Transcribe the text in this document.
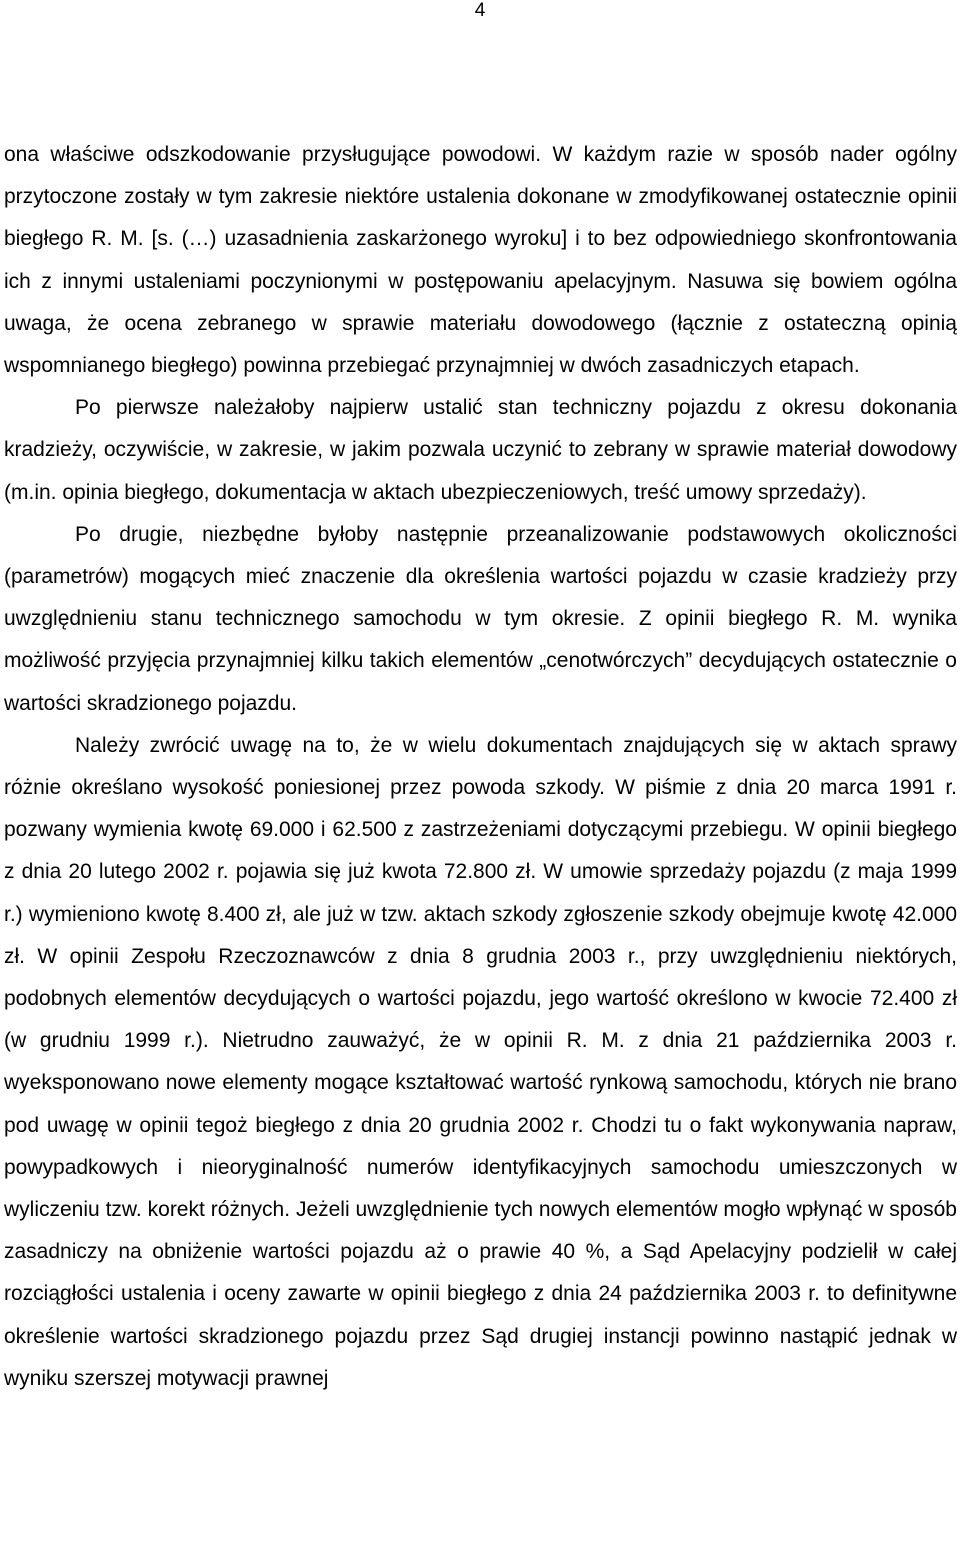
4

ona właściwe odszkodowanie przysługujące powodowi. W każdym razie w sposób nader ogólny przytoczone zostały w tym zakresie niektóre ustalenia dokonane w zmodyfikowanej ostatecznie opinii biegłego R. M. [s. (…) uzasadnienia zaskarżonego wyroku] i to bez odpowiedniego skonfrontowania ich z innymi ustaleniami poczynionymi w postępowaniu apelacyjnym. Nasuwa się bowiem ogólna uwaga, że ocena zebranego w sprawie materiału dowodowego (łącznie z ostateczną opinią wspomnianego biegłego) powinna przebiegać przynajmniej w dwóch zasadniczych etapach.

Po pierwsze należałoby najpierw ustalić stan techniczny pojazdu z okresu dokonania kradzieży, oczywiście, w zakresie, w jakim pozwala uczynić to zebrany w sprawie materiał dowodowy (m.in. opinia biegłego, dokumentacja w aktach ubezpieczeniowych, treść umowy sprzedaży).

Po drugie, niezbędne byłoby następnie przeanalizowanie podstawowych okoliczności (parametrów) mogących mieć znaczenie dla określenia wartości pojazdu w czasie kradzieży przy uwzględnieniu stanu technicznego samochodu w tym okresie. Z opinii biegłego R. M. wynika możliwość przyjęcia przynajmniej kilku takich elementów „cenotwórczych” decydujących ostatecznie o wartości skradzionego pojazdu.

Należy zwrócić uwagę na to, że w wielu dokumentach znajdujących się w aktach sprawy różnie określano wysokość poniesionej przez powoda szkody. W piśmie z dnia 20 marca 1991 r. pozwany wymienia kwotę 69.000 i 62.500 z zastrzeżeniami dotyczącymi przebiegu. W opinii biegłego z dnia 20 lutego 2002 r. pojawia się już kwota 72.800 zł. W umowie sprzedaży pojazdu (z maja 1999 r.) wymieniono kwotę 8.400 zł, ale już w tzw. aktach szkody zgłoszenie szkody obejmuje kwotę 42.000 zł. W opinii Zespołu Rzeczoznawców z dnia 8 grudnia 2003 r., przy uwzględnieniu niektórych, podobnych elementów decydujących o wartości pojazdu, jego wartość określono w kwocie 72.400 zł (w grudniu 1999 r.). Nietrudno zauważyć, że w opinii R. M. z dnia 21 października 2003 r. wyeksponowano nowe elementy mogące kształtować wartość rynkową samochodu, których nie brano pod uwagę w opinii tegoż biegłego z dnia 20 grudnia 2002 r. Chodzi tu o fakt wykonywania napraw, powypadkowych i nieoryginalność numerów identyfikacyjnych samochodu umieszczonych w wyliczeniu tzw. korekt różnych. Jeżeli uwzględnienie tych nowych elementów mogło wpłynąć w sposób zasadniczy na obniżenie wartości pojazdu aż o prawie 40 %, a Sąd Apelacyjny podzielił w całej rozciągłości ustalenia i oceny zawarte w opinii biegłego z dnia 24 października 2003 r. to definitywne określenie wartości skradzionego pojazdu przez Sąd drugiej instancji powinno nastąpić jednak w wyniku szerszej motywacji prawnej
